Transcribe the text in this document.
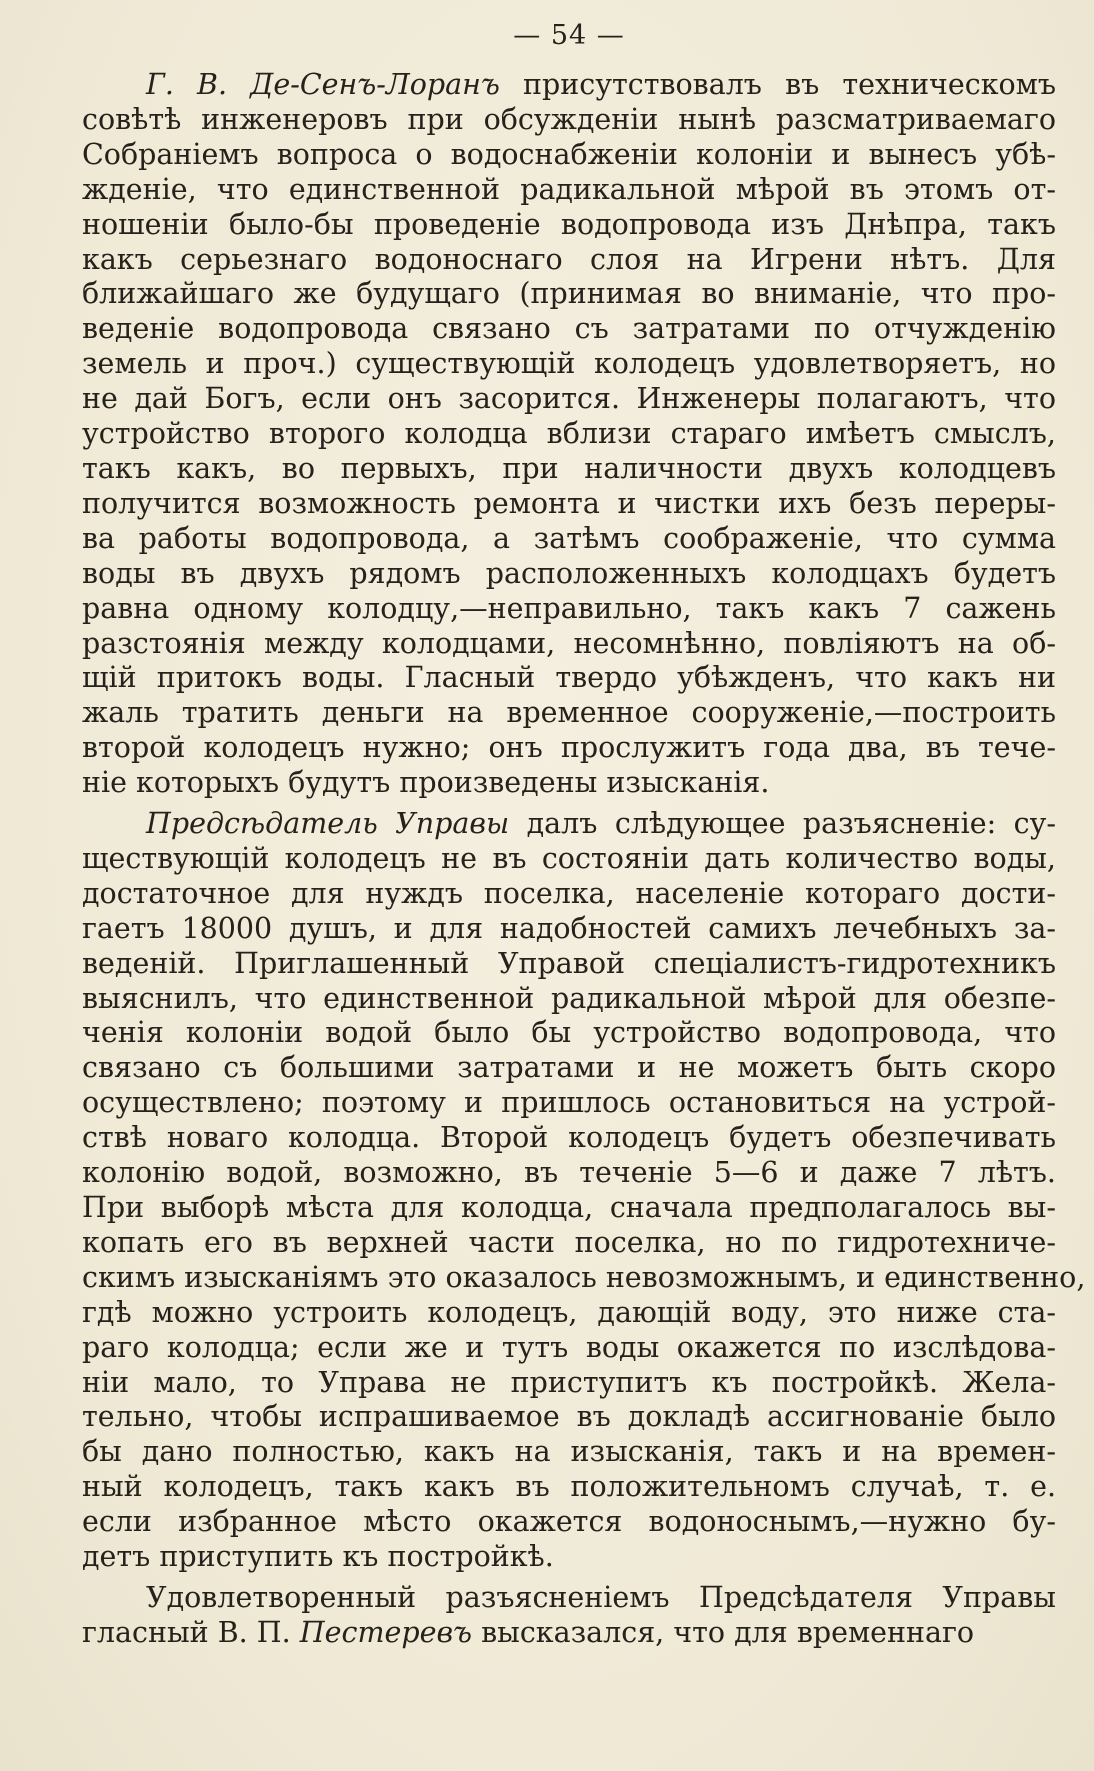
— 54 —
Г. В. Де-Сенъ-Лоранъ присутствовалъ въ техническомъ
совѣтѣ инженеровъ при обсужденіи нынѣ разсматриваемаго
Собраніемъ вопроса о водоснабженіи колоніи и вынесъ убѣ-
жденіе, что единственной радикальной мѣрой въ этомъ от-
ношеніи было-бы проведеніе водопровода изъ Днѣпра, такъ
какъ серьезнаго водоноснаго слоя на Игрени нѣтъ. Для
ближайшаго же будущаго (принимая во вниманіе, что про-
веденіе водопровода связано съ затратами по отчужденію
земель и проч.) существующій колодецъ удовлетворяетъ, но
не дай Богъ, если онъ засорится. Инженеры полагаютъ, что
устройство второго колодца вблизи стараго имѣетъ смыслъ,
такъ какъ, во первыхъ, при наличности двухъ колодцевъ
получится возможность ремонта и чистки ихъ безъ переры-
ва работы водопровода, а затѣмъ соображеніе, что сумма
воды въ двухъ рядомъ расположенныхъ колодцахъ будетъ
равна одному колодцу,—неправильно, такъ какъ 7 сажень
разстоянія между колодцами, несомнѣнно, повліяютъ на об-
щій притокъ воды. Гласный твердо убѣжденъ, что какъ ни
жаль тратить деньги на временное сооруженіе,—построить
второй колодецъ нужно; онъ прослужитъ года два, въ тече-
ніе которыхъ будутъ произведены изысканія.
Предсѣдатель Управы далъ слѣдующее разъясненіе: су-
ществующій колодецъ не въ состояніи дать количество воды,
достаточное для нуждъ поселка, населеніе котораго дости-
гаетъ 18000 душъ, и для надобностей самихъ лечебныхъ за-
веденій. Приглашенный Управой спеціалистъ-гидротехникъ
выяснилъ, что единственной радикальной мѣрой для обезпе-
ченія колоніи водой было бы устройство водопровода, что
связано съ большими затратами и не можетъ быть скоро
осуществлено; поэтому и пришлось остановиться на устрой-
ствѣ новаго колодца. Второй колодецъ будетъ обезпечивать
колонію водой, возможно, въ теченіе 5—6 и даже 7 лѣтъ.
При выборѣ мѣста для колодца, сначала предполагалось вы-
копать его въ верхней части поселка, но по гидротехниче-
скимъ изысканіямъ это оказалось невозможнымъ, и единственно,
гдѣ можно устроить колодецъ, дающій воду, это ниже ста-
раго колодца; если же и тутъ воды окажется по изслѣдова-
ніи мало, то Управа не приступитъ къ постройкѣ. Желa-
тельно, чтобы испрашиваемое въ докладѣ ассигнованіе было
бы дано полностью, какъ на изысканія, такъ и на времен-
ный колодецъ, такъ какъ въ положительномъ случаѣ, т. е.
если избранное мѣсто окажется водоноснымъ,—нужно бу-
детъ приступить къ постройкѣ.
Удовлетворенный разъясненіемъ Предсѣдателя Управы
гласный В. П. Пестеревъ высказался, что для временнаго
